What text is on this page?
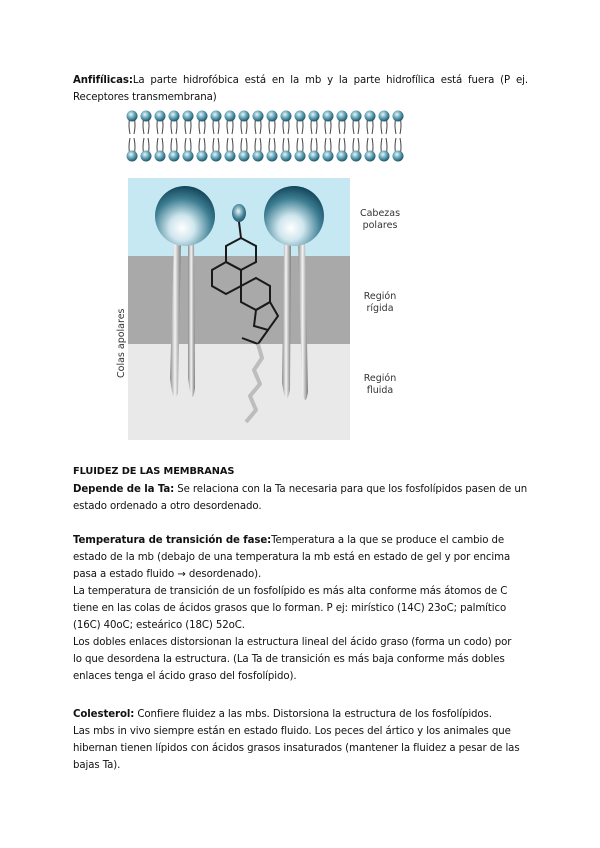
Anfifílicas:La parte hidrofóbica está en la mb y la parte hidrofílica está fuera (P ej.
Receptores transmembrana)
Colas apolares
Cabezas
polares
Región
rígida
Región
fluida
FLUIDEZ DE LAS MEMBRANAS
Depende de la Ta: Se relaciona con la Ta necesaria para que los fosfolípidos pasen de un
estado ordenado a otro desordenado.
Temperatura de transición de fase:Temperatura a la que se produce el cambio de
estado de la mb (debajo de una temperatura la mb está en estado de gel y por encima
pasa a estado fluido → desordenado).
La temperatura de transición de un fosfolípido es más alta conforme más átomos de C
tiene en las colas de ácidos grasos que lo forman. P ej: mirístico (14C) 23oC; palmítico
(16C) 40oC; esteárico (18C) 52oC.
Los dobles enlaces distorsionan la estructura lineal del ácido graso (forma un codo) por
lo que desordena la estructura. (La Ta de transición es más baja conforme más dobles
enlaces tenga el ácido graso del fosfolípido).
Colesterol: Confiere fluidez a las mbs. Distorsiona la estructura de los fosfolípidos.
Las mbs in vivo siempre están en estado fluido. Los peces del ártico y los animales que
hibernan tienen lípidos con ácidos grasos insaturados (mantener la fluidez a pesar de las
bajas Ta).
